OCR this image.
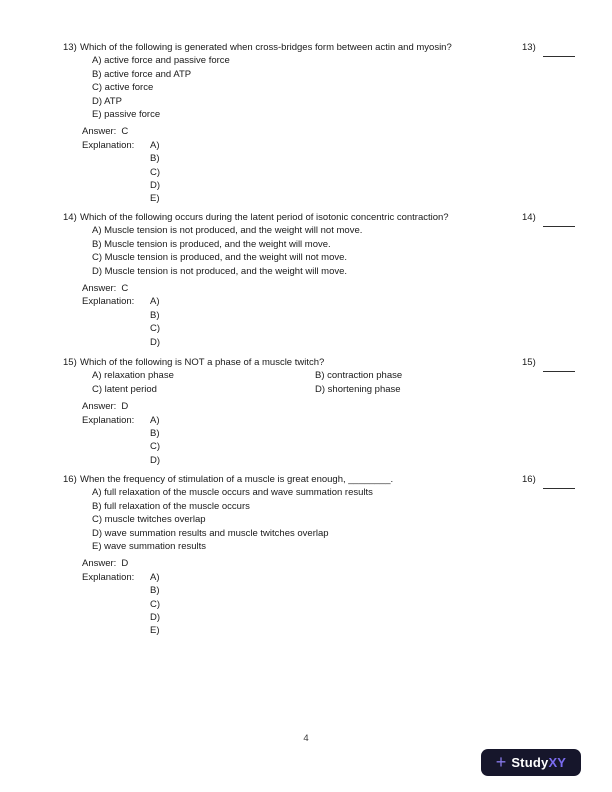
13) Which of the following is generated when cross-bridges form between actin and myosin?
A) active force and passive force
B) active force and ATP
C) active force
D) ATP
E) passive force
Answer: C
Explanation:	A)
B)
C)
D)
E)
13)
14) Which of the following occurs during the latent period of isotonic concentric contraction?
A) Muscle tension is not produced, and the weight will not move.
B) Muscle tension is produced, and the weight will move.
C) Muscle tension is produced, and the weight will not move.
D) Muscle tension is not produced, and the weight will move.
Answer: C
Explanation:	A)
B)
C)
D)
14)
15) Which of the following is NOT a phase of a muscle twitch?
A) relaxation phase	B) contraction phase
C) latent period	D) shortening phase
Answer: D
Explanation:	A)
B)
C)
D)
15)
16) When the frequency of stimulation of a muscle is great enough, ________.
A) full relaxation of the muscle occurs and wave summation results
B) full relaxation of the muscle occurs
C) muscle twitches overlap
D) wave summation results and muscle twitches overlap
E) wave summation results
Answer: D
Explanation:	A)
B)
C)
D)
E)
16)
4
+ StudyXY
